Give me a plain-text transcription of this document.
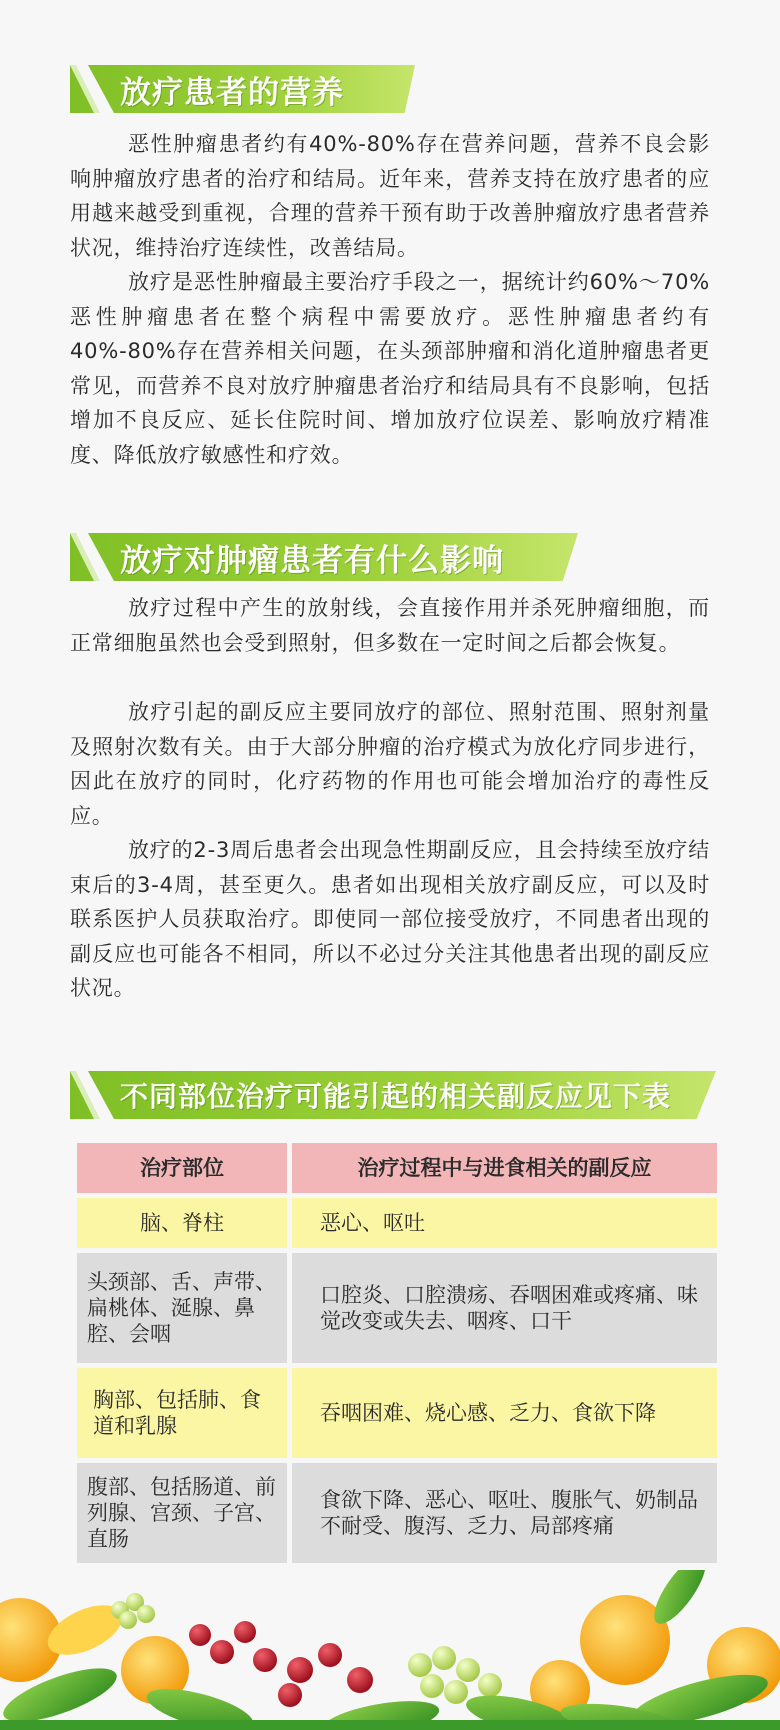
放疗患者的营养

恶性肿瘤患者约有40%-80%存在营养问题，营养不良会影响肿瘤放疗患者的治疗和结局。近年来，营养支持在放疗患者的应用越来越受到重视，合理的营养干预有助于改善肿瘤放疗患者营养状况，维持治疗连续性，改善结局。

放疗是恶性肿瘤最主要治疗手段之一，据统计约60%～70%恶性肿瘤患者在整个病程中需要放疗。恶性肿瘤患者约有40%-80%存在营养相关问题，在头颈部肿瘤和消化道肿瘤患者更常见，而营养不良对放疗肿瘤患者治疗和结局具有不良影响，包括增加不良反应、延长住院时间、增加放疗位误差、影响放疗精准度、降低放疗敏感性和疗效。

放疗对肿瘤患者有什么影响

放疗过程中产生的放射线，会直接作用并杀死肿瘤细胞，而正常细胞虽然也会受到照射，但多数在一定时间之后都会恢复。

放疗引起的副反应主要同放疗的部位、照射范围、照射剂量及照射次数有关。由于大部分肿瘤的治疗模式为放化疗同步进行，因此在放疗的同时，化疗药物的作用也可能会增加治疗的毒性反应。

放疗的2-3周后患者会出现急性期副反应，且会持续至放疗结束后的3-4周，甚至更久。患者如出现相关放疗副反应，可以及时联系医护人员获取治疗。即使同一部位接受放疗，不同患者出现的副反应也可能各不相同，所以不必过分关注其他患者出现的副反应状况。

不同部位治疗可能引起的相关副反应见下表
治疗部位	治疗过程中与进食相关的副反应
脑、脊柱	恶心、呕吐
头颈部、舌、声带、扁桃体、涎腺、鼻腔、会咽	口腔炎、口腔溃疡、吞咽困难或疼痛、味觉改变或失去、咽疼、口干
胸部、包括肺、食道和乳腺	吞咽困难、烧心感、乏力、食欲下降
腹部、包括肠道、前列腺、宫颈、子宫、直肠	食欲下降、恶心、呕吐、腹胀气、奶制品不耐受、腹泻、乏力、局部疼痛
